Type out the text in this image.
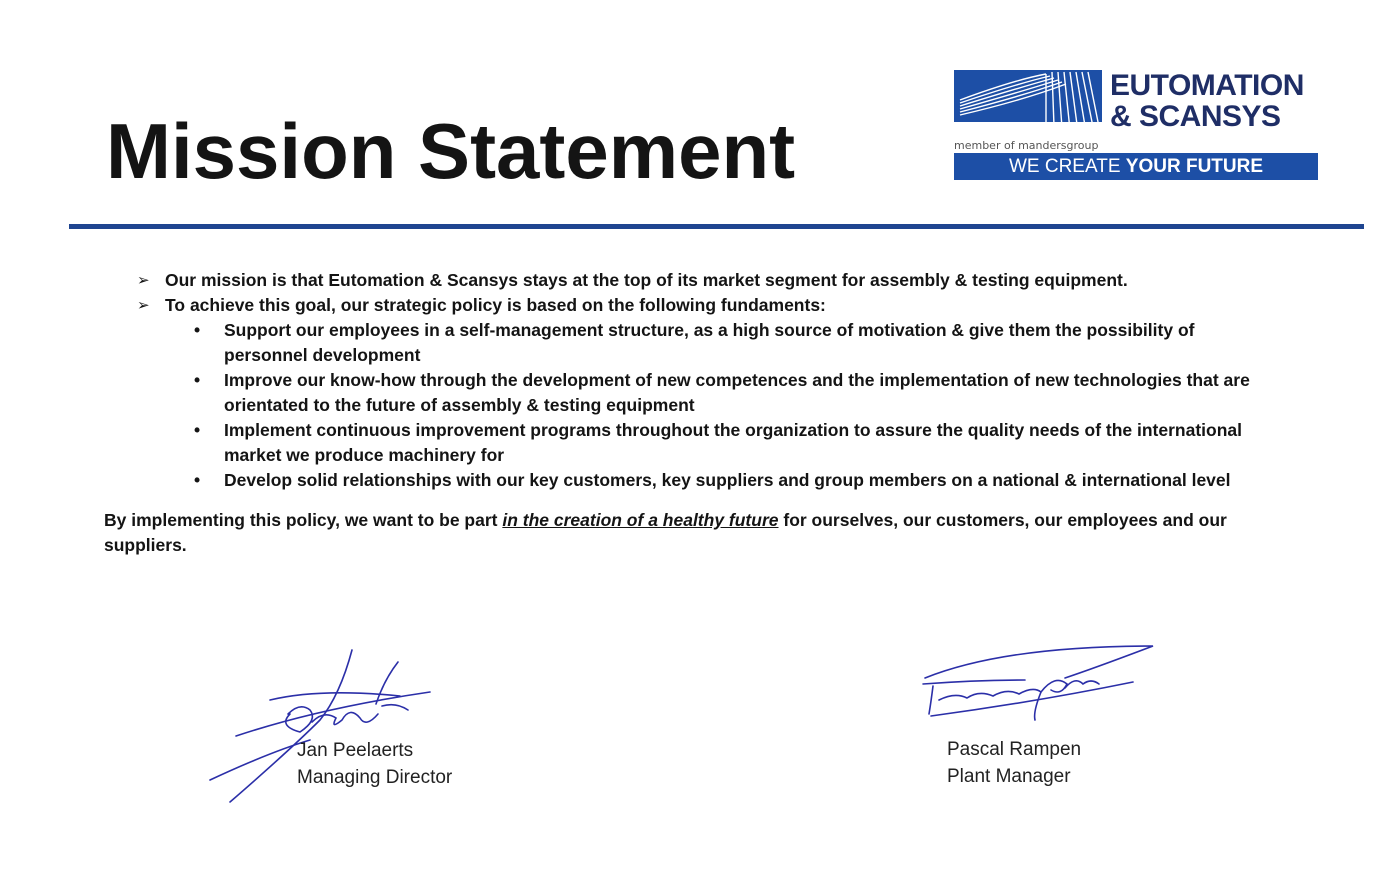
Mission Statement
EUTOMATION
& SCANSYS
member of mandersgroup
WE CREATE YOUR FUTURE
➢ Our mission is that Eutomation & Scansys stays at the top of its market segment for assembly & testing equipment.
➢ To achieve this goal, our strategic policy is based on the following fundaments:
• Support our employees in a self-management structure, as a high source of motivation & give them the possibility of personnel development
• Improve our know-how through the development of new competences and the implementation of new technologies that are orientated to the future of assembly & testing equipment
• Implement continuous improvement programs throughout the organization to assure the quality needs of the international market we produce machinery for
• Develop solid relationships with our key customers, key suppliers and group members on a national & international level
By implementing this policy, we want to be part in the creation of a healthy future for ourselves, our customers, our employees and our suppliers.
Jan Peelaerts
Managing Director
Pascal Rampen
Plant Manager
